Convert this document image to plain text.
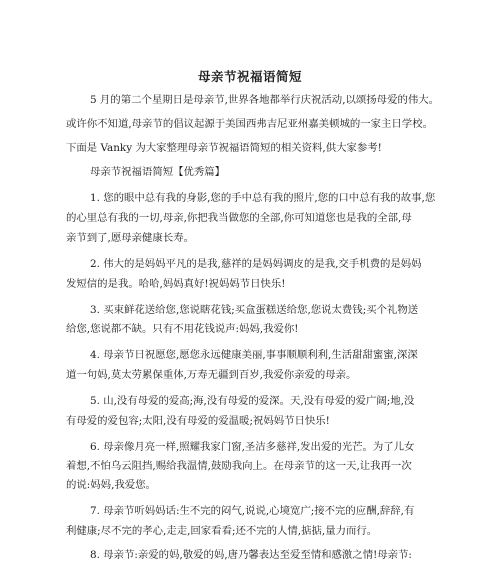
母亲节祝福语简短
5 月的第二个星期日是母亲节,世界各地都举行庆祝活动,以颂扬母爱的伟大。
或许你不知道,母亲节的倡议起源于美国西弗吉尼亚州嘉美顿城的一家主日学校。
下面是 Vanky 为大家整理母亲节祝福语简短的相关资料,供大家参考!
母亲节祝福语简短【优秀篇】
1. 您的眼中总有我的身影,您的手中总有我的照片,您的口中总有我的故事,您
的心里总有我的一切,母亲,你把我当做您的全部,你可知道您也是我的全部,母
亲节到了,愿母亲健康长寿。
2. 伟大的是妈妈平凡的是我,慈祥的是妈妈调皮的是我,交手机费的是妈妈
发短信的是我。哈哈,妈妈真好!祝妈妈节日快乐!
3. 买束鲜花送给您,您说瞎花钱;买盒蛋糕送给您,您说太费钱;买个礼物送
给您,您说都不缺。只有不用花钱说声:妈妈,我爱你!
4. 母亲节日祝愿您,愿您永远健康美丽,事事顺顺利利,生活甜甜蜜蜜,深深
道一句妈,莫太劳累保重体,万寿无疆到百岁,我爱你亲爱的母亲。
5. 山,没有母爱的爱高;海,没有母爱的爱深。天,没有母爱的爱广阔;地,没
有母爱的爱包容;太阳,没有母爱的爱温暖;祝妈妈节日快乐!
6. 母亲像月亮一样,照耀我家门窗,圣洁多慈祥,发出爱的光芒。为了儿女
着想,不怕乌云阻挡,赐给我温情,鼓励我向上。在母亲节的这一天,让我再一次
的说:妈妈,我爱您。
7. 母亲节听妈妈话:生不完的闷气,说说,心境宽广;接不完的应酬,辞辞,有
利健康;尽不完的孝心,走走,回家看看;还不完的人情,掂掂,量力而行。
8. 母亲节:亲爱的妈,敬爱的妈,唐乃馨表达至爱至情和感激之情!母亲节:
